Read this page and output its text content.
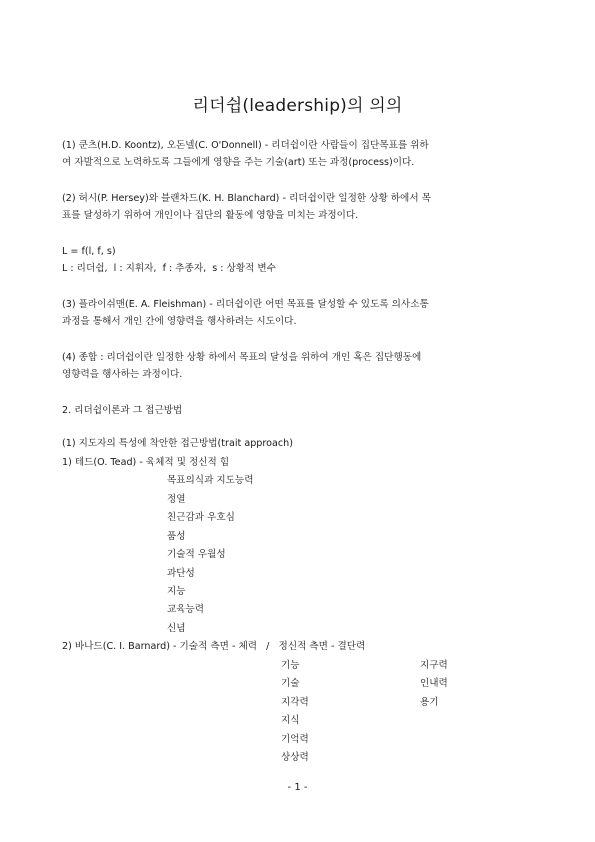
리더쉽(leadership)의 의의
(1) 쿤츠(H.D. Koontz), 오돈넬(C. O'Donnell) - 리더쉽이란 사람들이 집단목표를 위하
여 자발적으로 노력하도록 그들에게 영향을 주는 기술(art) 또는 과정(process)이다.
(2) 허시(P. Hersey)와 블랜차드(K. H. Blanchard) - 리더쉽이란 일정한 상황 하에서 목
표를 달성하기 위하여 개인이나 집단의 활동에 영향을 미치는 과정이다.
L = f(l, f, s)
L : 리더쉽,  l : 지휘자,  f : 추종자,  s : 상황적 변수
(3) 플라이쉬맨(E. A. Fleishman) - 리더쉽이란 어떤 목표를 달성할 수 있도록 의사소통
과정을 통해서 개인 간에 영향력을 행사하려는 시도이다.
(4) 종합 : 리더쉽이란 일정한 상황 하에서 목표의 달성을 위하여 개인 혹은 집단행동에
영향력을 행사하는 과정이다.
2. 리더쉽이론과 그 접근방법
(1) 지도자의 특성에 착안한 접근방법(trait approach)
1) 테드(O. Tead) - 육체적 및 정신적 힘
목표의식과 지도능력
정열
친근감과 우호심
품성
기술적 우월성
과단성
지능
교육능력
신념
2) 바나드(C. I. Barnard) - 기술적 측면 - 체력   /   정신적 측면 - 결단력
기능
기술
지각력
지식
기억력
상상력
지구력
인내력
용기
- 1 -
